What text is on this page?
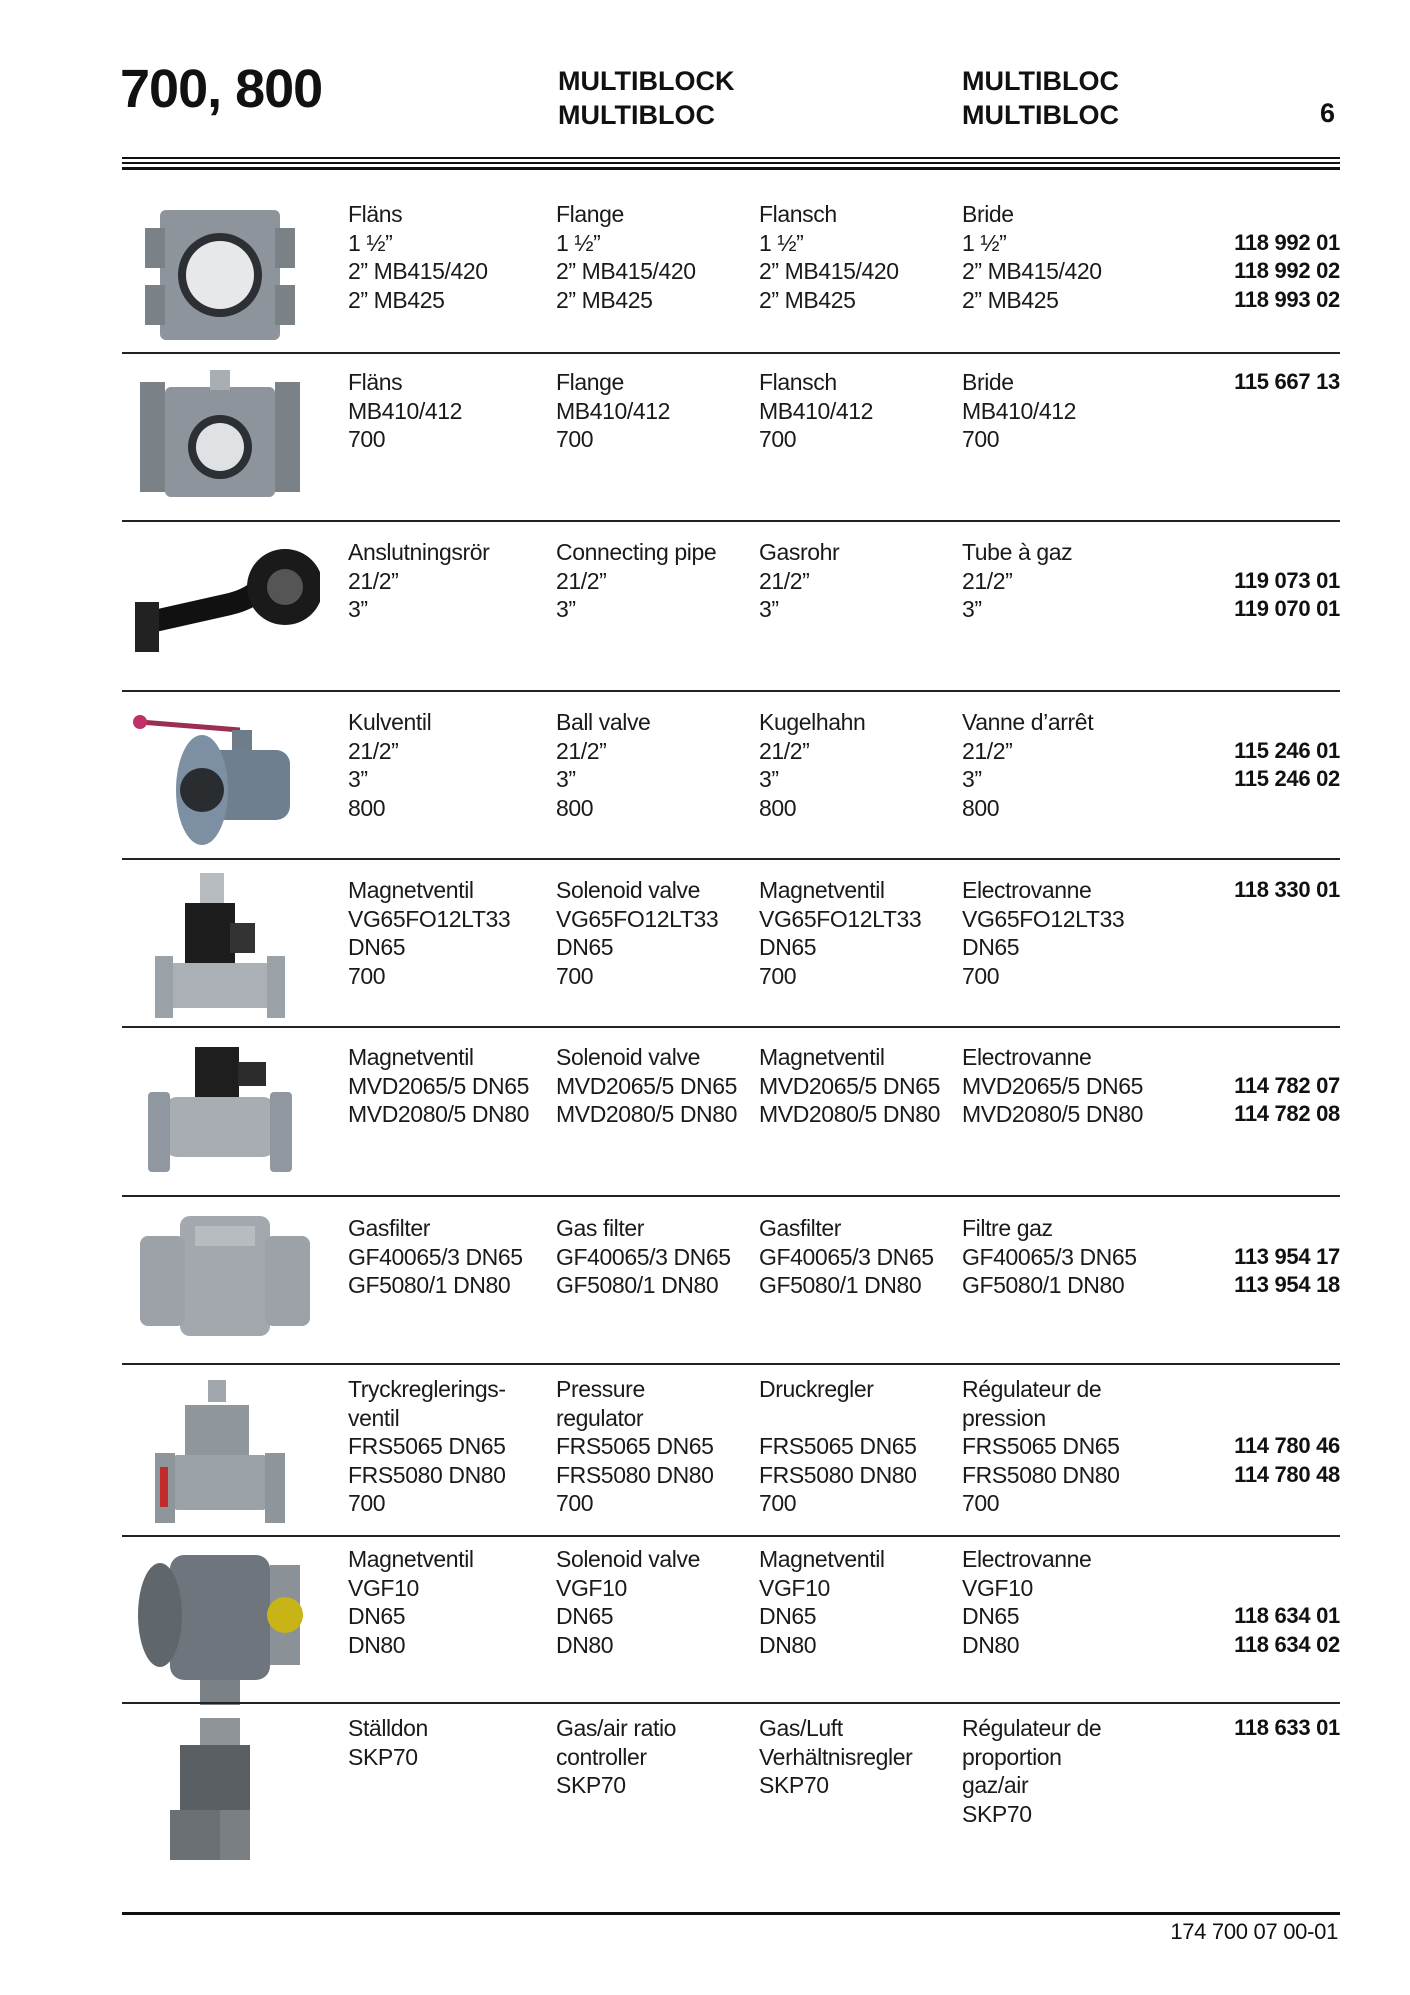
700, 800	MULTIBLOCK
MULTIBLOC
MULTIBLOC
MULTIBLOC	6
Fläns
1 ½”
2” MB415/420
2” MB425
Flange
1 ½”
2” MB415/420
2” MB425
Flansch
1 ½”
2” MB415/420
2” MB425
Bride
1 ½”
2” MB415/420
2” MB425
118 992 01
118 992 02
118 993 02
Fläns
MB410/412
700
Flange
MB410/412
700
Flansch
MB410/412
700
Bride
MB410/412
700
115 667 13
Anslutningsrör
21/2”
3”
Connecting pipe
21/2”
3”
Gasrohr
21/2”
3”
Tube à gaz
21/2”
3”
119 073 01
119 070 01
Kulventil
21/2”
3”
800
Ball valve
21/2”
3”
800
Kugelhahn
21/2”
3”
800
Vanne d’arrêt
21/2”
3”
800
115 246 01
115 246 02
Magnetventil
VG65FO12LT33
DN65
700
Solenoid valve
VG65FO12LT33
DN65
700
Magnetventil
VG65FO12LT33
DN65
700
Electrovanne
VG65FO12LT33
DN65
700
118 330 01
Magnetventil
MVD2065/5 DN65
MVD2080/5 DN80
Solenoid valve
MVD2065/5 DN65
MVD2080/5 DN80
Magnetventil
MVD2065/5 DN65
MVD2080/5 DN80
Electrovanne
MVD2065/5 DN65
MVD2080/5 DN80
114 782 07
114 782 08
Gasfilter
GF40065/3 DN65
GF5080/1 DN80
Gas filter
GF40065/3 DN65
GF5080/1 DN80
Gasfilter
GF40065/3 DN65
GF5080/1 DN80
Filtre gaz
GF40065/3 DN65
GF5080/1 DN80
113 954 17
113 954 18
Tryckreglerings-
ventil
FRS5065 DN65
FRS5080 DN80
700
Pressure
regulator
FRS5065 DN65
FRS5080 DN80
700
Druckregler
FRS5065 DN65
FRS5080 DN80
700
Régulateur de
pression
FRS5065 DN65
FRS5080 DN80
700
114 780 46
114 780 48
Magnetventil
VGF10
DN65
DN80
Solenoid valve
VGF10
DN65
DN80
Magnetventil
VGF10
DN65
DN80
Electrovanne
VGF10
DN65
DN80
118 634 01
118 634 02
Ställdon
SKP70
Gas/air ratio
controller
SKP70
Gas/Luft
Verhältnisregler
SKP70
Régulateur de
proportion
gaz/air
SKP70
118 633 01
174 700 07 00-01
